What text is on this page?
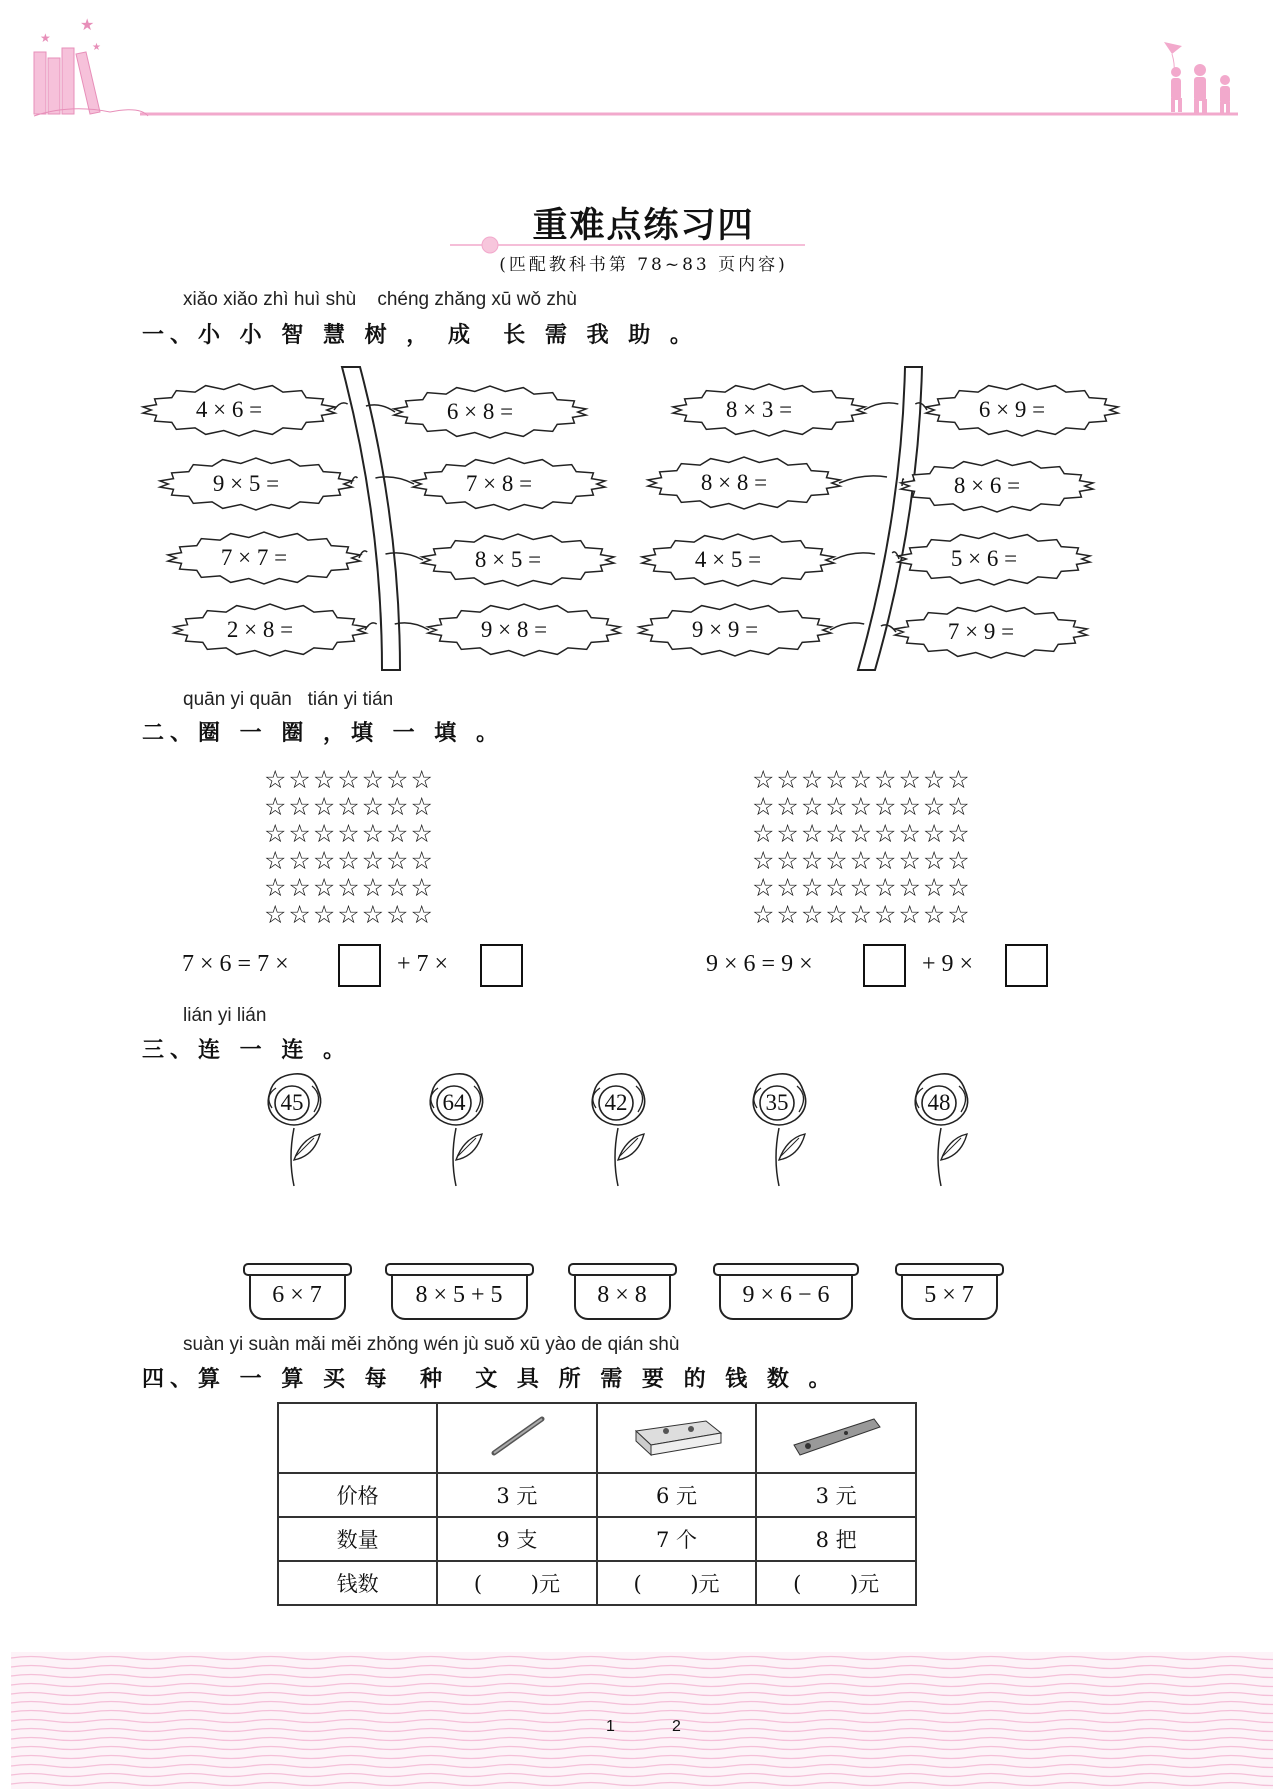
★
★
★
重难点练习四
(匹配教科书第 78~83 页内容)
xiǎo xiǎo zhì huì shù    chéng zhǎng xū wǒ zhù
一、小 小 智 慧 树 ， 成  长 需 我 助 。
4 × 6 =
9 × 5 =
7 × 7 =
2 × 8 =
6 × 8 =
7 × 8 =
8 × 5 =
9 × 8 =
8 × 3 =
8 × 8 =
4 × 5 =
9 × 9 =
6 × 9 =
8 × 6 =
5 × 6 =
7 × 9 =
quān yi quān   tián yi tián
二、圈 一 圈 ，填 一 填 。
☆☆☆☆☆☆☆
☆☆☆☆☆☆☆
☆☆☆☆☆☆☆
☆☆☆☆☆☆☆
☆☆☆☆☆☆☆
☆☆☆☆☆☆☆
☆☆☆☆☆☆☆☆☆
☆☆☆☆☆☆☆☆☆
☆☆☆☆☆☆☆☆☆
☆☆☆☆☆☆☆☆☆
☆☆☆☆☆☆☆☆☆
☆☆☆☆☆☆☆☆☆
7 × 6 = 7 ×	+ 7 ×	9 × 6 = 9 ×	+ 9 ×
lián yi lián
三、连 一 连 。
45	64	42	35	48
6 × 7	8 × 5 + 5	8 × 8	9 × 6 − 6	5 × 7
suàn yi suàn mǎi měi zhǒng wén jù suǒ xū yào de qián shù
四、算 一 算 买 每  种  文 具 所 需 要 的 钱 数 。

价格	3 元	6 元	3 元
数量	9 支	7 个	8 把
钱数	(　　 )元	(　　 )元	(　　 )元
1	2
